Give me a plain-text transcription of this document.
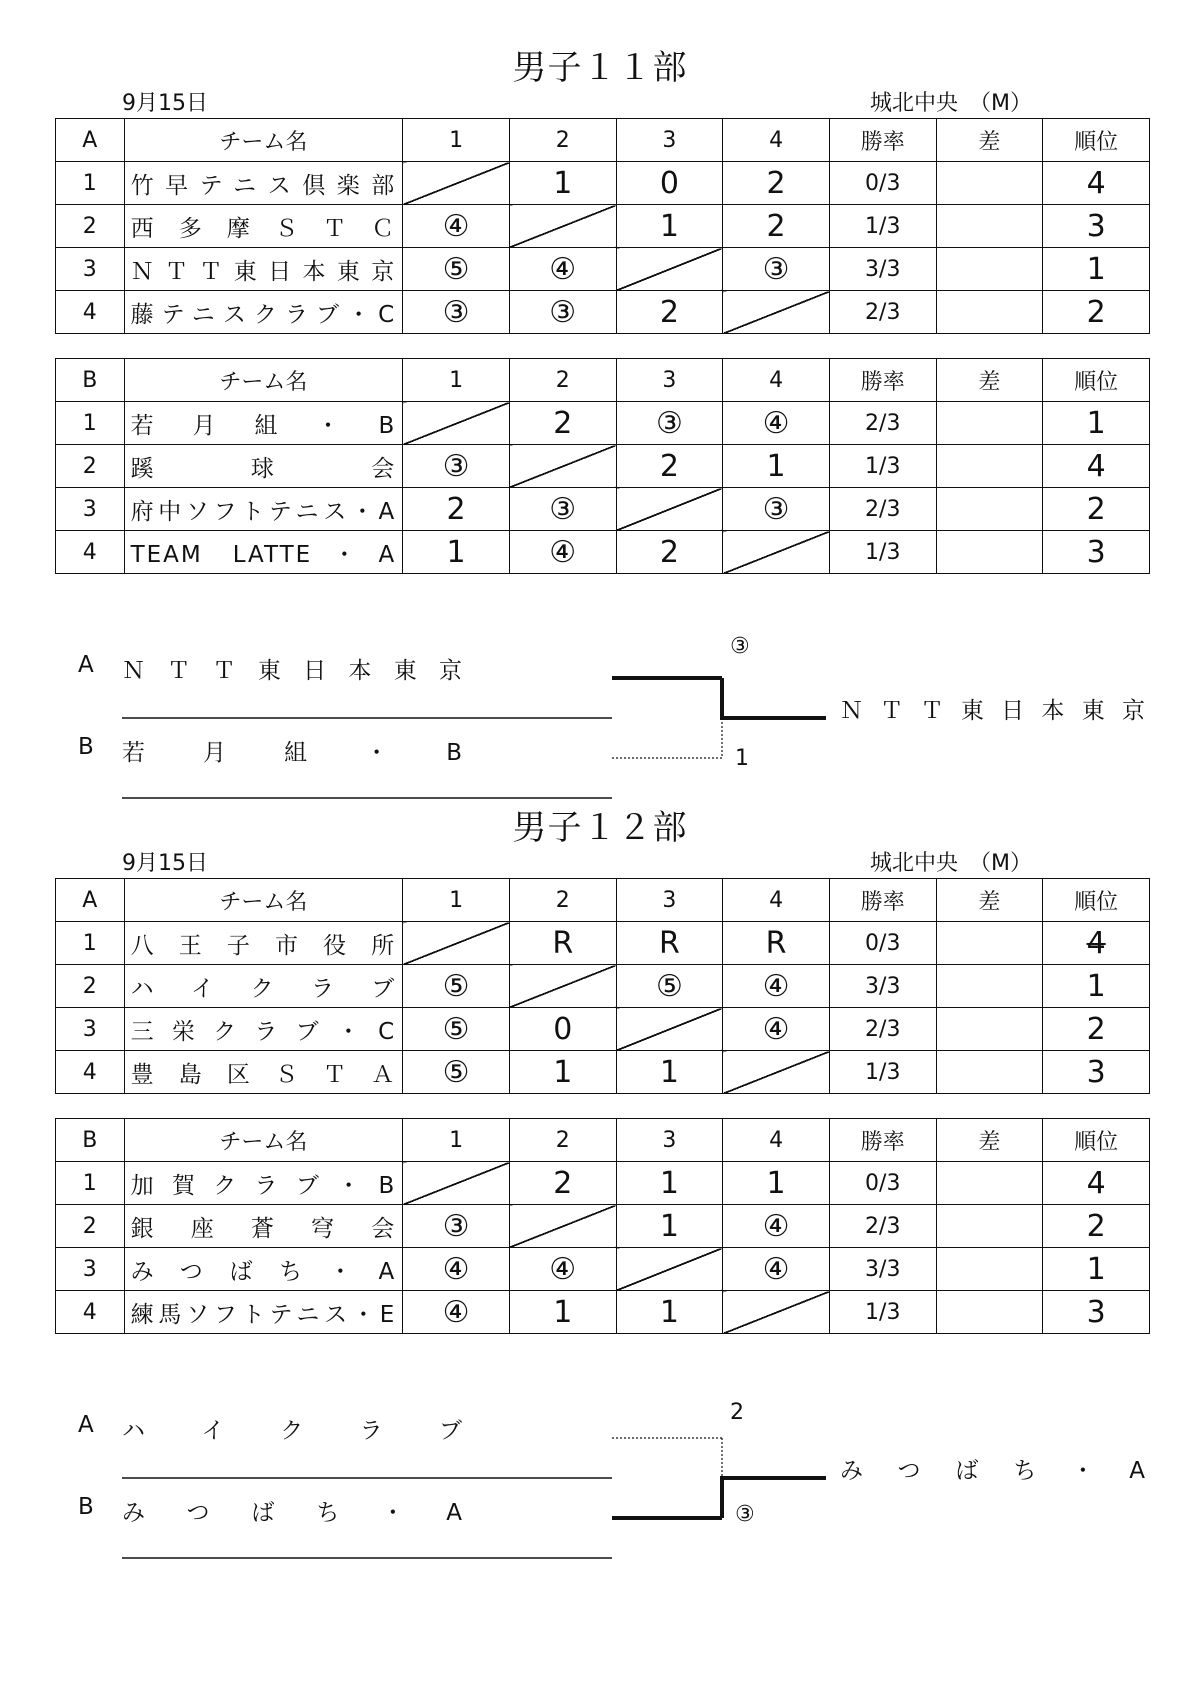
男子１１部
9月15日	城北中央　（M）
A	チーム名	1	2	3	4	勝率	差	順位
1	竹早テニス倶楽部		1	0	2	0/3		4
2	西多摩ＳＴＣ	④		1	2	1/3		3
3	ＮＴＴ東日本東京	⑤	④		③	3/3		1
4	藤テニスクラブ・C	③	③	2		2/3		2
B	チーム名	1	2	3	4	勝率	差	順位
1	若月組・B		2	③	④	2/3		1
2	蹊球会	③		2	1	1/3		4
3	府中ソフトテニス・A	2	③		③	2/3		2
4	TEAM LATTE・A	1	④	2		1/3		3
A ＮＴＴ東日本東京
B 若月組・B
ＮＴＴ東日本東京
③
1
男子１２部
9月15日	城北中央　（M）
A	チーム名	1	2	3	4	勝率	差	順位
1	八王子市役所		R	R	R	0/3		4
2	ハイクラブ	⑤		⑤	④	3/3		1
3	三栄クラブ・C	⑤	0		④	2/3		2
4	豊島区ＳＴＡ	⑤	1	1		1/3		3
B	チーム名	1	2	3	4	勝率	差	順位
1	加賀クラブ・B		2	1	1	0/3		4
2	銀座蒼穹会	③		1	④	2/3		2
3	みつばち・A	④	④		④	3/3		1
4	練馬ソフトテニス・E	④	1	1		1/3		3
A ハイクラブ
B みつばち・A
みつばち・A
2
③
